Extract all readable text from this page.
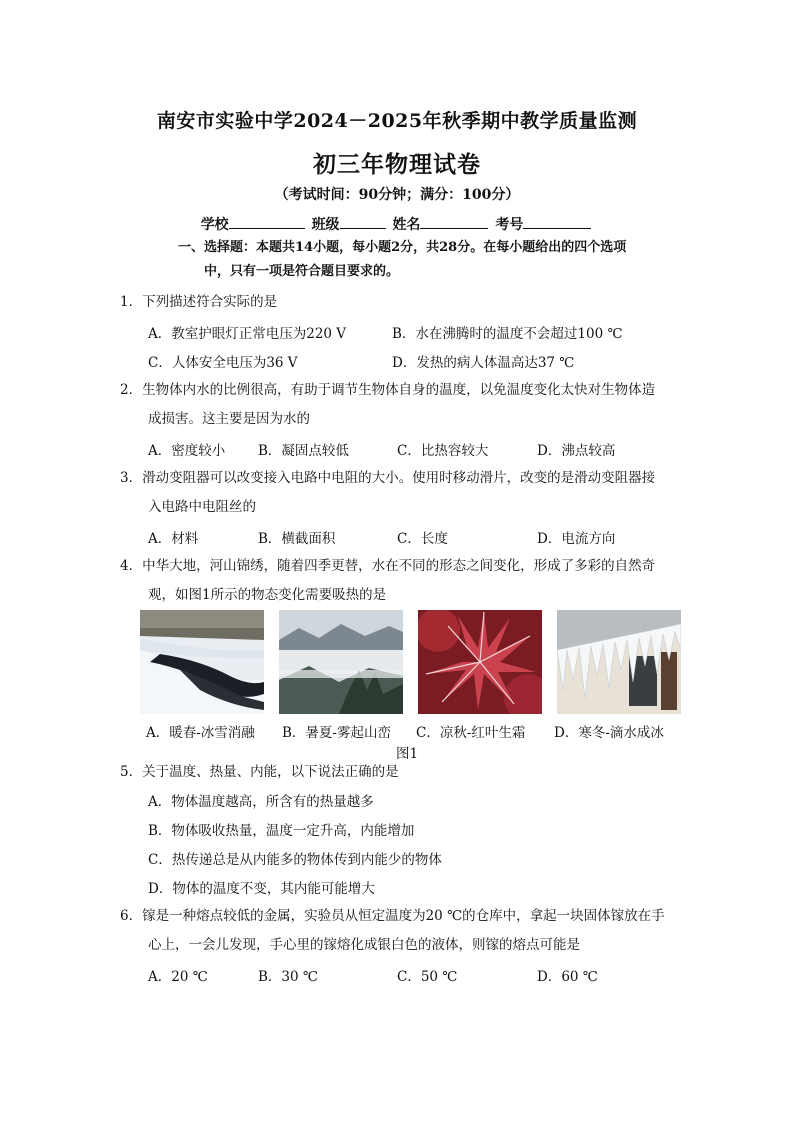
南安市实验中学2024－2025年秋季期中教学质量监测
初三年物理试卷
（考试时间：90分钟；满分：100分）
学校	班级	姓名	考号
一、选择题：本题共14小题，每小题2分，共28分。在每小题给出的四个选项
中，只有一项是符合题目要求的。
1．下列描述符合实际的是
A．教室护眼灯正常电压为220 V	B．水在沸腾时的温度不会超过100 ℃
C．人体安全电压为36 V	D．发热的病人体温高达37 ℃
2．生物体内水的比例很高，有助于调节生物体自身的温度，以免温度变化太快对生物体造
成损害。这主要是因为水的
A．密度较小 B．凝固点较低	C．比热容较大	D．沸点较高
3．滑动变阻器可以改变接入电路中电阻的大小。使用时移动滑片，改变的是滑动变阻器接
入电路中电阻丝的
A．材料	B．横截面积	C．长度	D．电流方向
4．中华大地，河山锦绣，随着四季更替，水在不同的形态之间变化，形成了多彩的自然奇
观，如图1所示的物态变化需要吸热的是
A．暖春-冰雪消融 B．暑夏-雾起山峦 C．凉秋-红叶生霜 D．寒冬-滴水成冰
图1
5．关于温度、热量、内能，以下说法正确的是
A．物体温度越高，所含有的热量越多
B．物体吸收热量，温度一定升高，内能增加
C．热传递总是从内能多的物体传到内能少的物体
D．物体的温度不变，其内能可能增大
6．镓是一种熔点较低的金属，实验员从恒定温度为20 ℃的仓库中，拿起一块固体镓放在手
心上，一会儿发现，手心里的镓熔化成银白色的液体，则镓的熔点可能是
A．20 ℃	B．30 ℃	C．50 ℃	D．60 ℃
